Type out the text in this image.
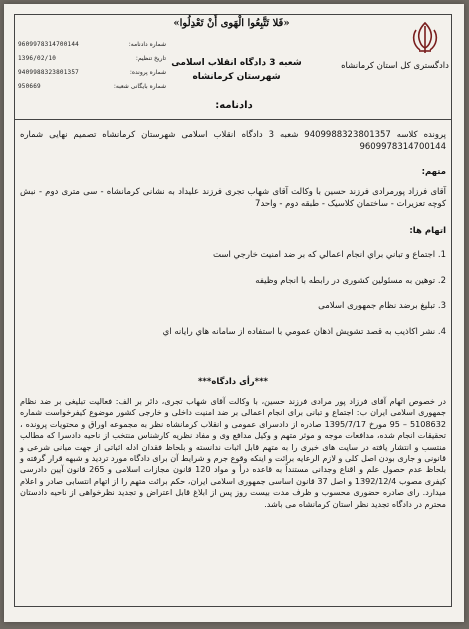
«فَلا تَتَّبِعُوا الْهَوى أَنْ تَعْدِلُوا»
دادگستری کل استان کرمانشاه
شعبه 3 دادگاه انقلاب اسلامی شهرستان کرمانشاه
دادنامه:
9609978314700144	شماره دادنامه:
1396/02/10	تاریخ تنظیم:
9409988323801357	شماره پرونده:
950669	شماره بایگانی شعبه:
پرونده کلاسه 9409988323801357 شعبه 3 دادگاه انقلاب اسلامی شهرستان کرمانشاه تصمیم نهایی شماره 9609978314700144
متهم:
آقای فرزاد پورمرادی فرزند حسین با وکالت آقای شهاب تجری فرزند علیداد به نشانی کرمانشاه - سی متری دوم - نبش کوچه تعزیرات - ساختمان کلاسیک - طبقه دوم - واحد7
اتهام ها:
1. اجتماع و تباني براي انجام اعمالي كه بر ضد امنيت خارجي است
2. توهین به مسئولین کشوری در رابطه با انجام وظیفه
3. تبلیغ برضد نظام جمهوری اسلامی
4. نشر اكاذيب به قصد تشويش اذهان عمومي با استفاده از سامانه هاي رايانه اي
***رأی دادگاه***
در خصوص اتهام آقای فرزاد پور مرادی فرزند حسین، با وکالت آقای شهاب تجری، دائر بر الف: فعالیت تبلیغی بر ضد نظام جمهوری اسلامی ایران ب: اجتماع و تبانی برای انجام اعمالی بر ضد امنیت داخلی و خارجی کشور موضوع کیفرخواست شماره 5108632 – 95 مورخ 1395/7/17 صادره از دادسرای عمومی و انقلاب کرمانشاه نظر به مجموعه اوراق و محتویات پرونده ، تحقیقات انجام شده، مدافعات موجه و موثر متهم و وکیل مدافع وی و مفاد نظریه کارشناس منتخب از ناحیه دادسرا که مطالب منتسب و انتشار یافته در سایت های خبری را به متهم قابل اثبات ندانسته و بلحاظ فقدان ادله اثباتی از جهت مبانی شرعی و قانونی و جاری بودن اصل کلی و لازم الرعایه برائت و اینکه وقوع جرم و شرایط آن برای دادگاه مورد تردید و شبهه قرار گرفته و بلحاظ عدم حصول علم و اقناع وجدانی مستنداً به قاعده درأ و مواد 120 قانون مجازات اسلامی و 265 قانون آیین دادرسی کیفری مصوب 1392/12/4 و اصل 37 قانون اساسی جمهوری اسلامی ایران، حکم برائت متهم را از اتهام انتسابی صادر و اعلام میدارد. رای صادره حضوری محسوب و ظرف مدت بیست روز پس از ابلاغ قابل اعتراض و تجدید نظرخواهی از ناحیه دادستان محترم در دادگاه تجدید نظر استان کرمانشاه می باشد.
